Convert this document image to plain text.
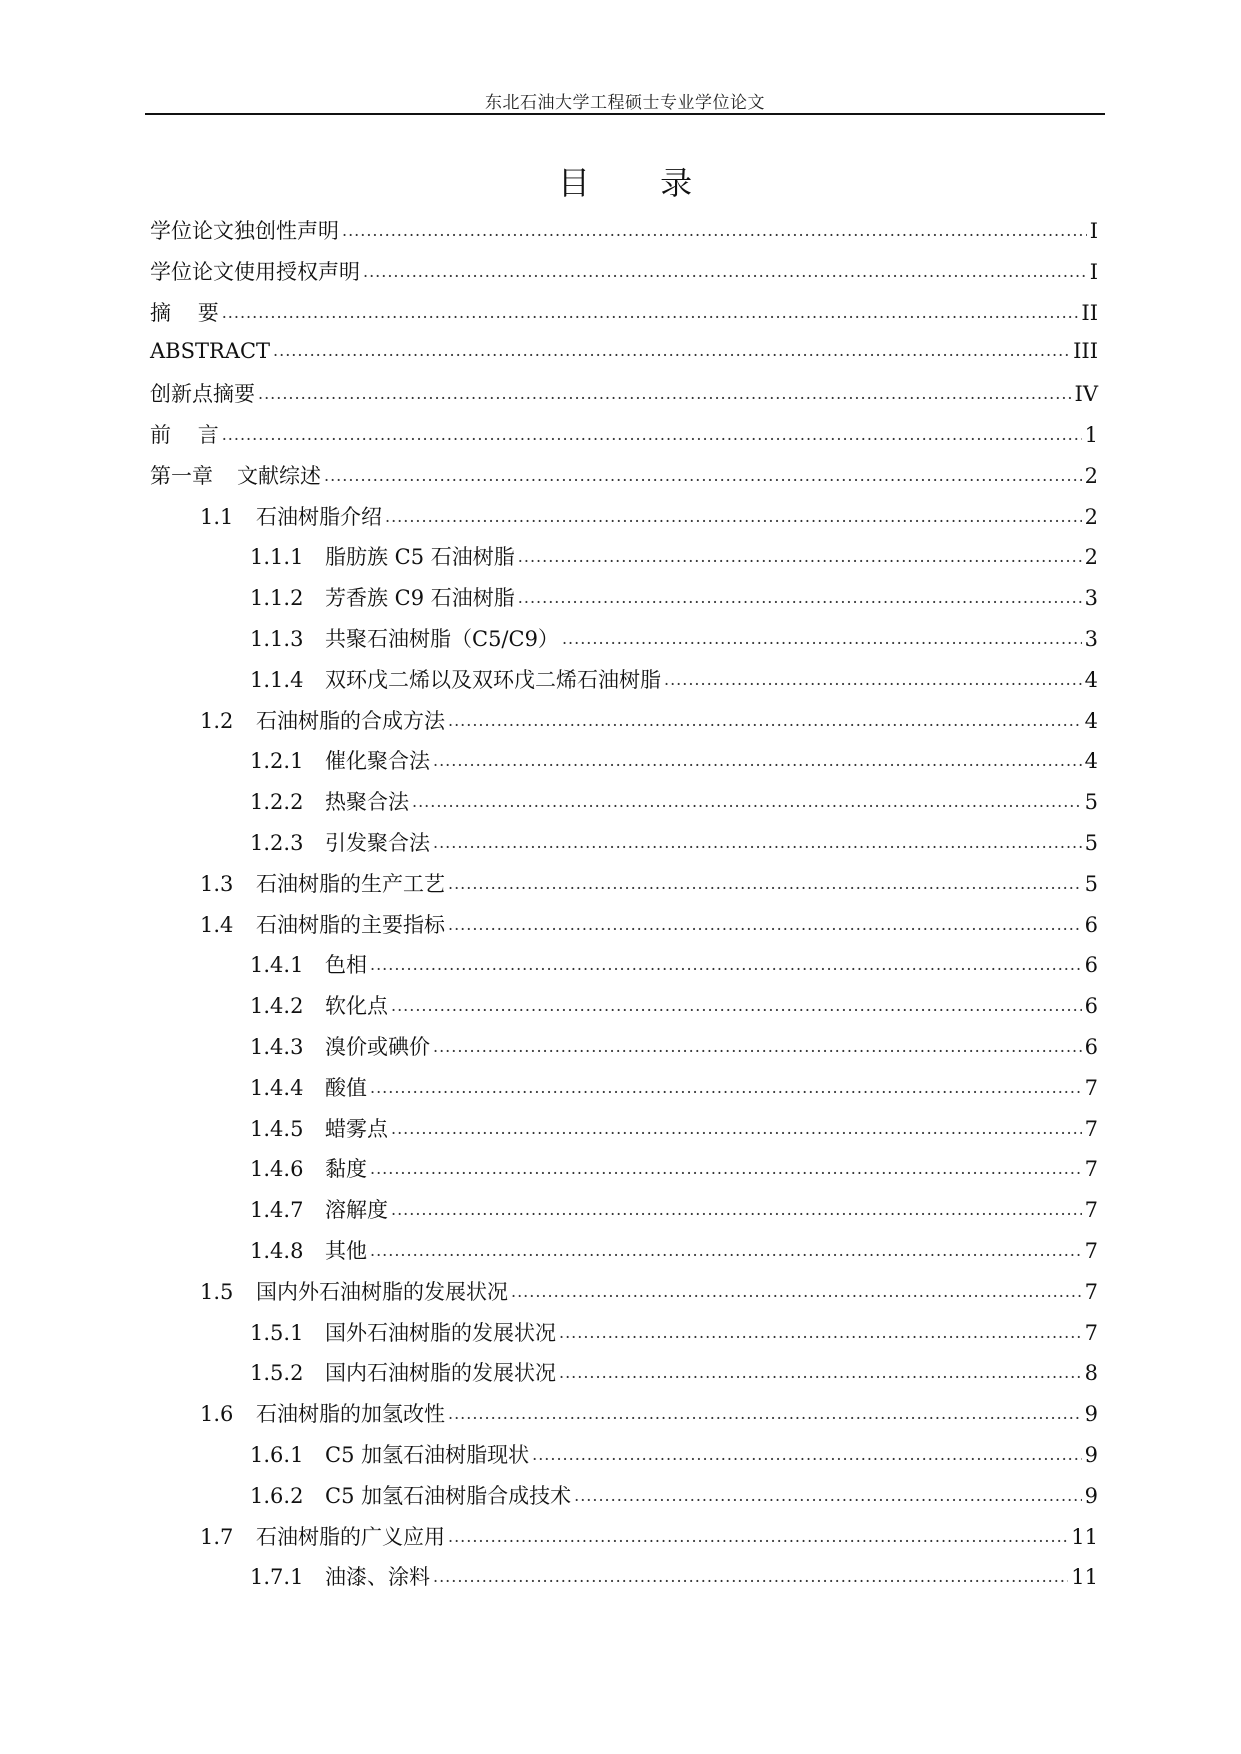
东北石油大学工程硕士专业学位论文
目 录
学位论文独创性声明 .....	I
学位论文使用授权声明 .....	I
摘    要 .....	II
ABSTRACT .....	III
创新点摘要 .....	IV
前    言 .....	1
第一章 文献综述 .....	2
1.1	石油树脂介绍 .....	2
1.1.1	脂肪族 C5 石油树脂 .....	2
1.1.2	芳香族 C9 石油树脂 .....	3
1.1.3	共聚石油树脂（C5/C9） .....	3
1.1.4	双环戊二烯以及双环戊二烯石油树脂 .....	4
1.2	石油树脂的合成方法 .....	4
1.2.1	催化聚合法 .....	4
1.2.2	热聚合法 .....	5
1.2.3	引发聚合法 .....	5
1.3	石油树脂的生产工艺 .....	5
1.4	石油树脂的主要指标 .....	6
1.4.1	色相 .....	6
1.4.2	软化点 .....	6
1.4.3	溴价或碘价 .....	6
1.4.4	酸值 .....	7
1.4.5	蜡雾点 .....	7
1.4.6	黏度 .....	7
1.4.7	溶解度 .....	7
1.4.8	其他 .....	7
1.5	国内外石油树脂的发展状况 .....	7
1.5.1	国外石油树脂的发展状况 .....	7
1.5.2	国内石油树脂的发展状况 .....	8
1.6	石油树脂的加氢改性 .....	9
1.6.1	C5 加氢石油树脂现状 .....	9
1.6.2	C5 加氢石油树脂合成技术 .....	9
1.7	石油树脂的广义应用 .....	11
1.7.1	油漆、涂料 .....	11
